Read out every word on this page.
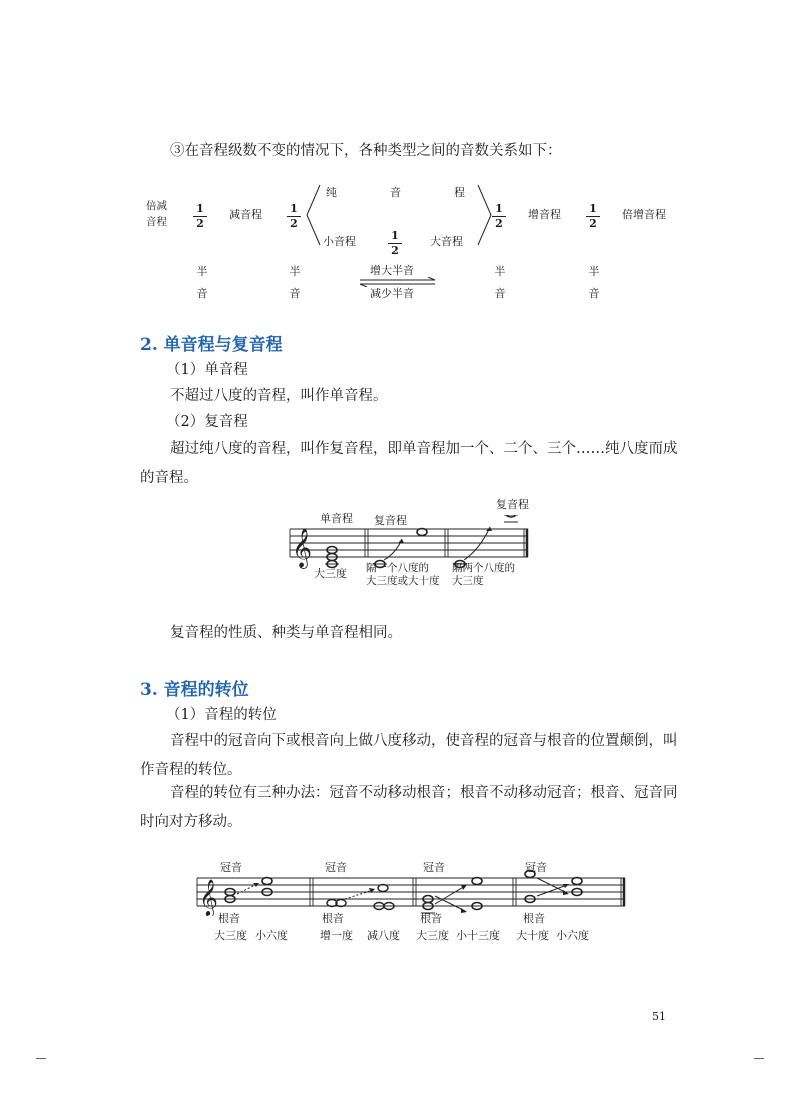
③在音程级数不变的情况下，各种类型之间的音数关系如下：
倍减
音程
1
2
减音程	1
2
纯	音	程
小音程	1
2
大音程
1
2
增音程	1
2
倍增音程
半
音
半
音
半
音
半
音
增大半音
减少半音
2. 单音程与复音程
（1）单音程
不超过八度的音程，叫作单音程。
（2）复音程
超过纯八度的音程，叫作复音程，即单音程加一个、二个、三个……纯八度而成的音程。
单音程 复音程
复音程
𝄞
大三度 隔一个八度的
大三度或大十度
隔两个八度的
大三度
复音程的性质、种类与单音程相同。
3. 音程的转位
（1）音程的转位
音程中的冠音向下或根音向上做八度移动，使音程的冠音与根音的位置颠倒，叫作音程的转位。
音程的转位有三种办法：冠音不动移动根音；根音不动移动冠音；根音、冠音同时向对方移动。
冠音	冠音	冠音	冠音
𝄞
根音	根音	根音	根音
大三度 小六度	增一度 减八度 大三度 小十三度 大十度 小六度
51
